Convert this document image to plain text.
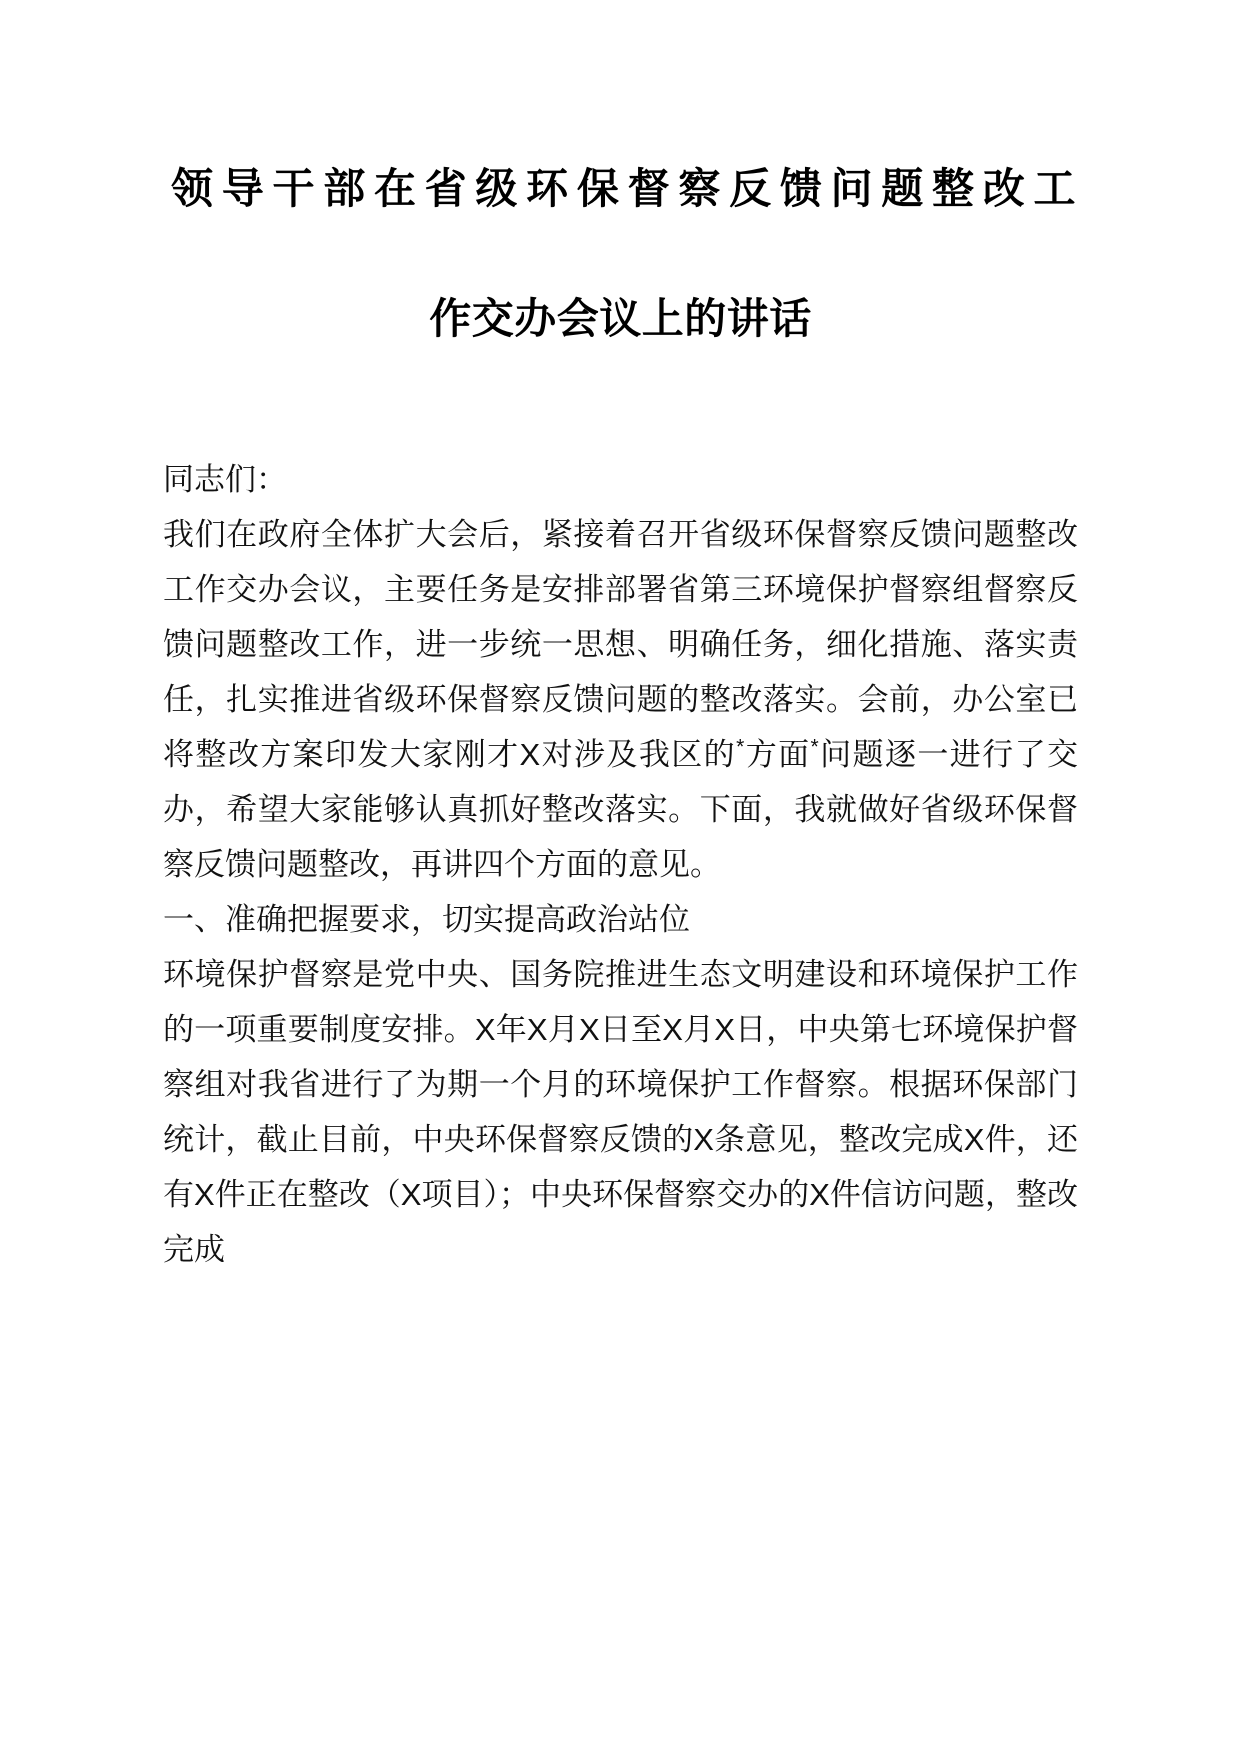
领导干部在省级环保督察反馈问题整改工
作交办会议上的讲话

同志们：

我们在政府全体扩大会后，紧接着召开省级环保督察反馈问题整改工作交办会议，主要任务是安排部署省第三环境保护督察组督察反馈问题整改工作，进一步统一思想、明确任务，细化措施、落实责任，扎实推进省级环保督察反馈问题的整改落实。会前，办公室已将整改方案印发大家刚才X对涉及我区的*方面*问题逐一进行了交办，希望大家能够认真抓好整改落实。下面，我就做好省级环保督察反馈问题整改，再讲四个方面的意见。

一、准确把握要求，切实提高政治站位

环境保护督察是党中央、国务院推进生态文明建设和环境保护工作的一项重要制度安排。X年X月X日至X月X日，中央第七环境保护督察组对我省进行了为期一个月的环境保护工作督察。根据环保部门统计，截止目前，中央环保督察反馈的X条意见，整改完成X件，还有X件正在整改（X项目）；中央环保督察交办的X件信访问题，整改完成
